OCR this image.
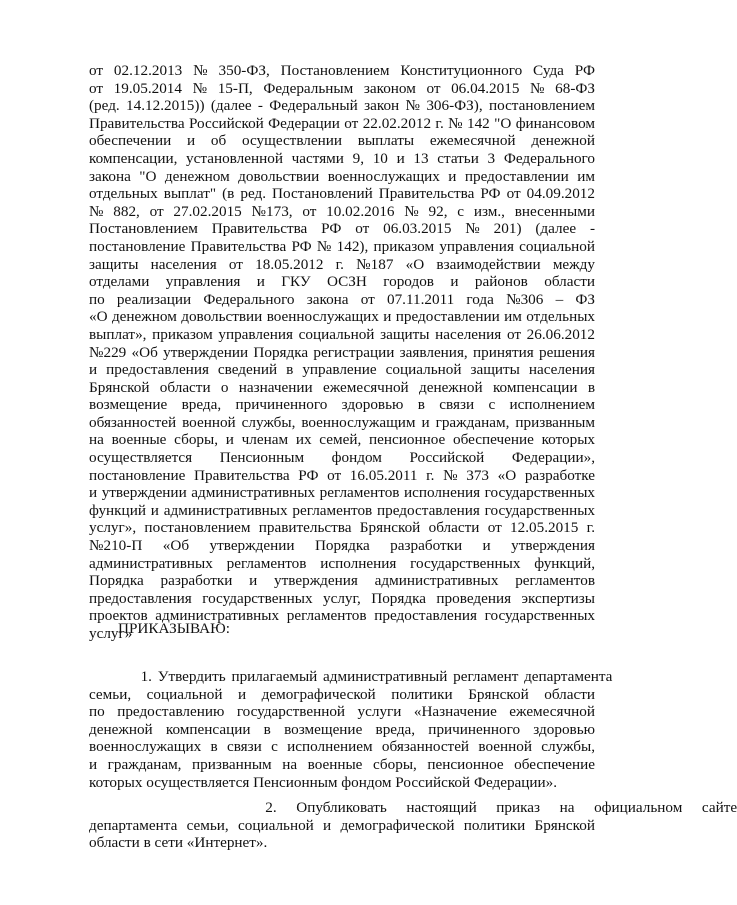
от 02.12.2013 № 350-ФЗ, Постановлением Конституционного Суда РФ
от 19.05.2014 № 15-П, Федеральным законом от 06.04.2015 № 68-ФЗ
(ред. 14.12.2015)) (далее - Федеральный закон № 306-ФЗ), постановлением
Правительства Российской Федерации от 22.02.2012 г. № 142 "О финансовом
обеспечении и об осуществлении выплаты ежемесячной денежной
компенсации, установленной частями 9, 10 и 13 статьи 3 Федерального
закона "О денежном довольствии военнослужащих и предоставлении им
отдельных выплат" (в ред. Постановлений Правительства РФ от 04.09.2012
№ 882, от 27.02.2015 №173, от 10.02.2016 № 92, с изм., внесенными
Постановлением Правительства РФ от 06.03.2015 № 201) (далее -
постановление Правительства РФ № 142), приказом управления социальной
защиты населения от 18.05.2012 г. №187 «О взаимодействии между
отделами управления и ГКУ ОСЗН городов и районов области
по реализации Федерального закона от 07.11.2011 года №306 – ФЗ
«О денежном довольствии военнослужащих и предоставлении им отдельных
выплат», приказом управления социальной защиты населения от 26.06.2012
№229 «Об утверждении Порядка регистрации заявления, принятия решения
и предоставления сведений в управление социальной защиты населения
Брянской области о назначении ежемесячной денежной компенсации в
возмещение вреда, причиненного здоровью в связи с исполнением
обязанностей военной службы, военнослужащим и гражданам, призванным
на военные сборы, и членам их семей, пенсионное обеспечение которых
осуществляется Пенсионным фондом Российской Федерации»,
постановление Правительства РФ от 16.05.2011 г. № 373 «О разработке
и утверждении административных регламентов исполнения государственных
функций и административных регламентов предоставления государственных
услуг», постановлением правительства Брянской области от 12.05.2015 г.
№210-П «Об утверждении Порядка разработки и утверждения
административных регламентов исполнения государственных функций,
Порядка разработки и утверждения административных регламентов
предоставления государственных услуг, Порядка проведения экспертизы
проектов административных регламентов предоставления государственных
услуг»

ПРИКАЗЫВАЮ:

1. Утвердить прилагаемый административный регламент департамента
семьи, социальной и демографической политики Брянской области
по предоставлению государственной услуги «Назначение ежемесячной
денежной компенсации в возмещение вреда, причиненного здоровью
военнослужащих в связи с исполнением обязанностей военной службы,
и гражданам, призванным на военные сборы, пенсионное обеспечение
которых осуществляется Пенсионным фондом Российской Федерации».
2. Опубликовать настоящий приказ на официальном сайте
департамента семьи, социальной и демографической политики Брянской
области в сети «Интернет».
